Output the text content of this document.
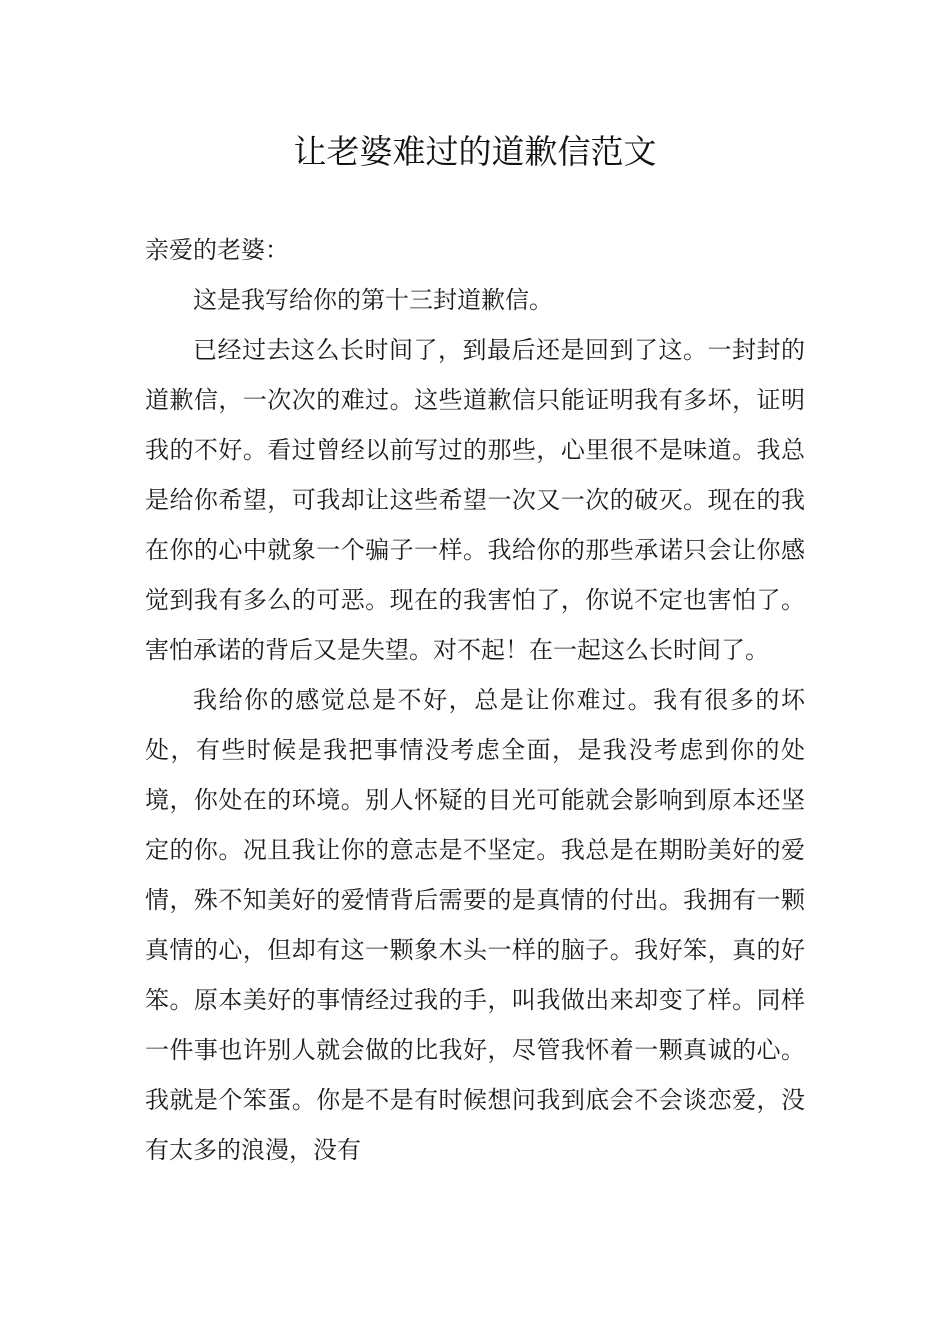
让老婆难过的道歉信范文

亲爱的老婆：

这是我写给你的第十三封道歉信。

已经过去这么长时间了，到最后还是回到了这。一封封的道歉信，一次次的难过。这些道歉信只能证明我有多坏，证明我的不好。看过曾经以前写过的那些，心里很不是味道。我总是给你希望，可我却让这些希望一次又一次的破灭。现在的我在你的心中就象一个骗子一样。我给你的那些承诺只会让你感觉到我有多么的可恶。现在的我害怕了，你说不定也害怕了。害怕承诺的背后又是失望。对不起！在一起这么长时间了。

我给你的感觉总是不好，总是让你难过。我有很多的坏处，有些时候是我把事情没考虑全面，是我没考虑到你的处境，你处在的环境。别人怀疑的目光可能就会影响到原本还坚定的你。况且我让你的意志是不坚定。我总是在期盼美好的爱情，殊不知美好的爱情背后需要的是真情的付出。我拥有一颗真情的心，但却有这一颗象木头一样的脑子。我好笨，真的好笨。原本美好的事情经过我的手，叫我做出来却变了样。同样一件事也许别人就会做的比我好，尽管我怀着一颗真诚的心。我就是个笨蛋。你是不是有时候想问我到底会不会谈恋爱，没有太多的浪漫，没有
